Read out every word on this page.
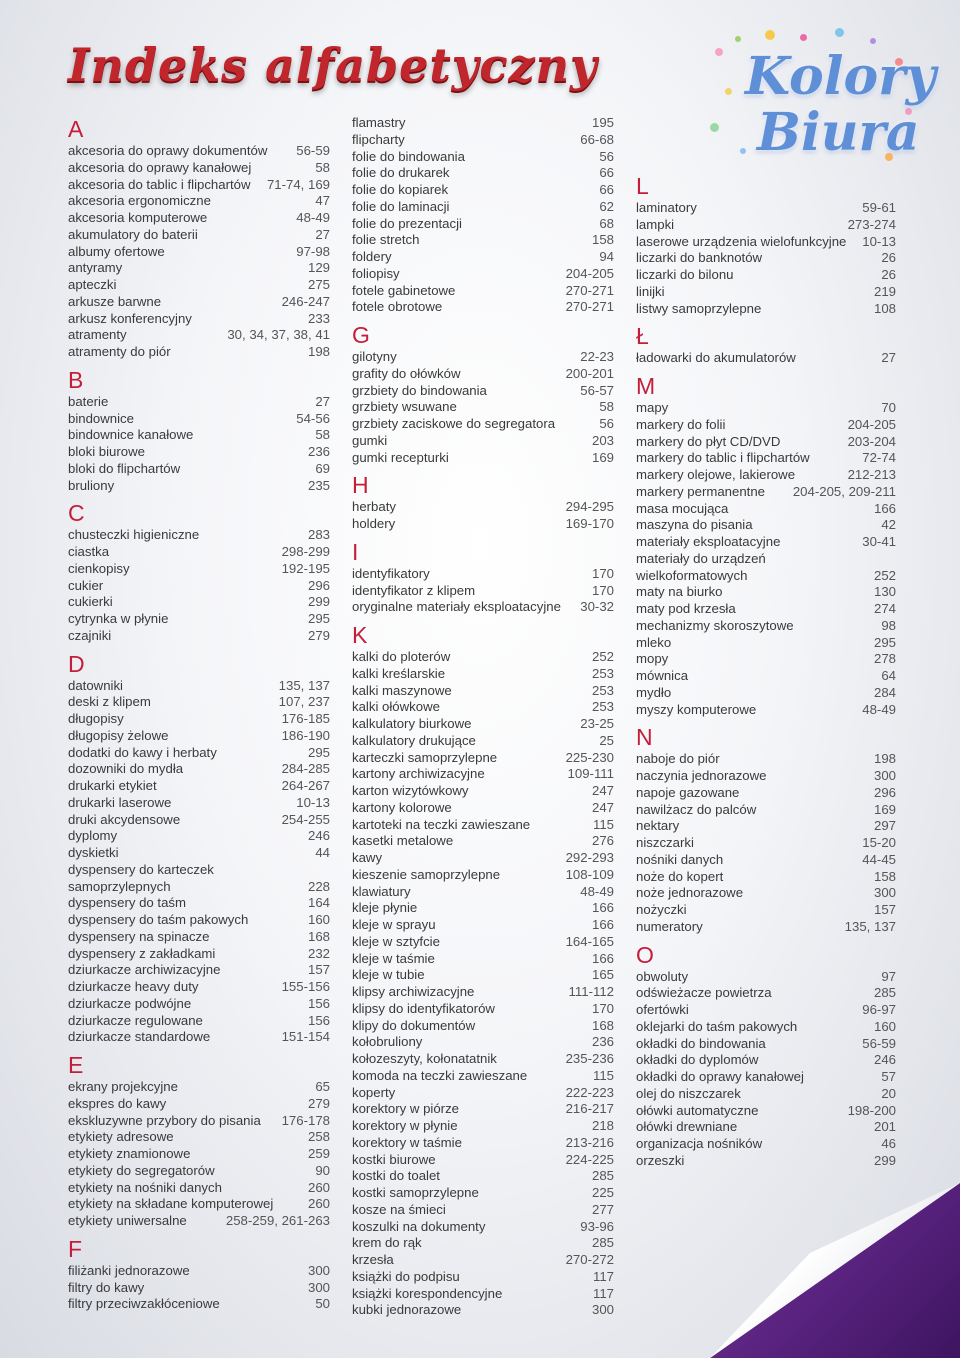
Indeks alfabetyczny	Kolory
Biura
A
akcesoria do oprawy dokumentów	56-59
akcesoria do oprawy kanałowej	58
akcesoria do tablic i flipchartów	71-74, 169
akcesoria ergonomiczne	47
akcesoria komputerowe	48-49
akumulatory do baterii	27
albumy ofertowe	97-98
antyramy	129
apteczki	275
arkusze barwne	246-247
arkusz konferencyjny	233
atramenty	30, 34, 37, 38, 41
atramenty do piór	198
B
baterie	27
bindownice	54-56
bindownice kanałowe	58
bloki biurowe	236
bloki do flipchartów	69
bruliony	235
C
chusteczki higieniczne	283
ciastka	298-299
cienkopisy	192-195
cukier	296
cukierki	299
cytrynka w płynie	295
czajniki	279
D
datowniki	135, 137
deski z klipem	107, 237
długopisy	176-185
długopisy żelowe	186-190
dodatki do kawy i herbaty	295
dozowniki do mydła	284-285
drukarki etykiet	264-267
drukarki laserowe	10-13
druki akcydensowe	254-255
dyplomy	246
dyskietki	44
dyspensery do karteczek
samoprzylepnych	228
dyspensery do taśm	164
dyspensery do taśm pakowych	160
dyspensery na spinacze	168
dyspensery z zakładkami	232
dziurkacze archiwizacyjne	157
dziurkacze heavy duty	155-156
dziurkacze podwójne	156
dziurkacze regulowane	156
dziurkacze standardowe	151-154
E
ekrany projekcyjne	65
ekspres do kawy	279
ekskluzywne przybory do pisania	176-178
etykiety adresowe	258
etykiety znamionowe	259
etykiety do segregatorów	90
etykiety na nośniki danych	260
etykiety na składane komputerowej	260
etykiety uniwersalne	258-259, 261-263
F
filiżanki jednorazowe	300
filtry do kawy	300
filtry przeciwzakłóceniowe	50
flamastry	195
flipcharty	66-68
folie do bindowania	56
folie do drukarek	66
folie do kopiarek	66
folie do laminacji	62
folie do prezentacji	68
folie stretch	158
foldery	94
foliopisy	204-205
fotele gabinetowe	270-271
fotele obrotowe	270-271
G
gilotyny	22-23
grafity do ołówków	200-201
grzbiety do bindowania	56-57
grzbiety wsuwane	58
grzbiety zaciskowe do segregatora	56
gumki	203
gumki recepturki	169
H
herbaty	294-295
holdery	169-170
I
identyfikatory	170
identyfikator z klipem	170
oryginalne materiały eksploatacyjne	30-32
K
kalki do ploterów	252
kalki kreślarskie	253
kalki maszynowe	253
kalki ołówkowe	253
kalkulatory biurkowe	23-25
kalkulatory drukujące	25
karteczki samoprzylepne	225-230
kartony archiwizacyjne	109-111
karton wizytówkowy	247
kartony kolorowe	247
kartoteki na teczki zawieszane	115
kasetki metalowe	276
kawy	292-293
kieszenie samoprzylepne	108-109
klawiatury	48-49
kleje płynie	166
kleje w sprayu	166
kleje w sztyfcie	164-165
kleje w taśmie	166
kleje w tubie	165
klipsy archiwizacyjne	111-112
klipsy do identyfikatorów	170
klipy do dokumentów	168
kołobruliony	236
kołozeszyty, kołonatatnik	235-236
komoda na teczki zawieszane	115
koperty	222-223
korektory w piórze	216-217
korektory w płynie	218
korektory w taśmie	213-216
kostki biurowe	224-225
kostki do toalet	285
kostki samoprzylepne	225
kosze na śmieci	277
koszulki na dokumenty	93-96
krem do rąk	285
krzesła	270-272
książki do podpisu	117
książki korespondencyjne	117
kubki jednorazowe	300
L
laminatory	59-61
lampki	273-274
laserowe urządzenia wielofunkcyjne	10-13
liczarki do banknotów	26
liczarki do bilonu	26
linijki	219
listwy samoprzylepne	108
Ł
ładowarki do akumulatorów	27
M
mapy	70
markery do folii	204-205
markery do płyt CD/DVD	203-204
markery do tablic i flipchartów	72-74
markery olejowe, lakierowe	212-213
markery permanentne	204-205, 209-211
masa mocująca	166
maszyna do pisania	42
materiały eksploatacyjne	30-41
materiały do urządzeń
wielkoformatowych	252
maty na biurko	130
maty pod krzesła	274
mechanizmy skoroszytowe	98
mleko	295
mopy	278
mównica	64
mydło	284
myszy komputerowe	48-49
N
naboje do piór	198
naczynia jednorazowe	300
napoje gazowane	296
nawilżacz do palców	169
nektary	297
niszczarki	15-20
nośniki danych	44-45
noże do kopert	158
noże jednorazowe	300
nożyczki	157
numeratory	135, 137
O
obwoluty	97
odświeżacze powietrza	285
ofertówki	96-97
oklejarki do taśm pakowych	160
okładki do bindowania	56-59
okładki do dyplomów	246
okładki do oprawy kanałowej	57
olej do niszczarek	20
ołówki automatyczne	198-200
ołówki drewniane	201
organizacja nośników	46
orzeszki	299
